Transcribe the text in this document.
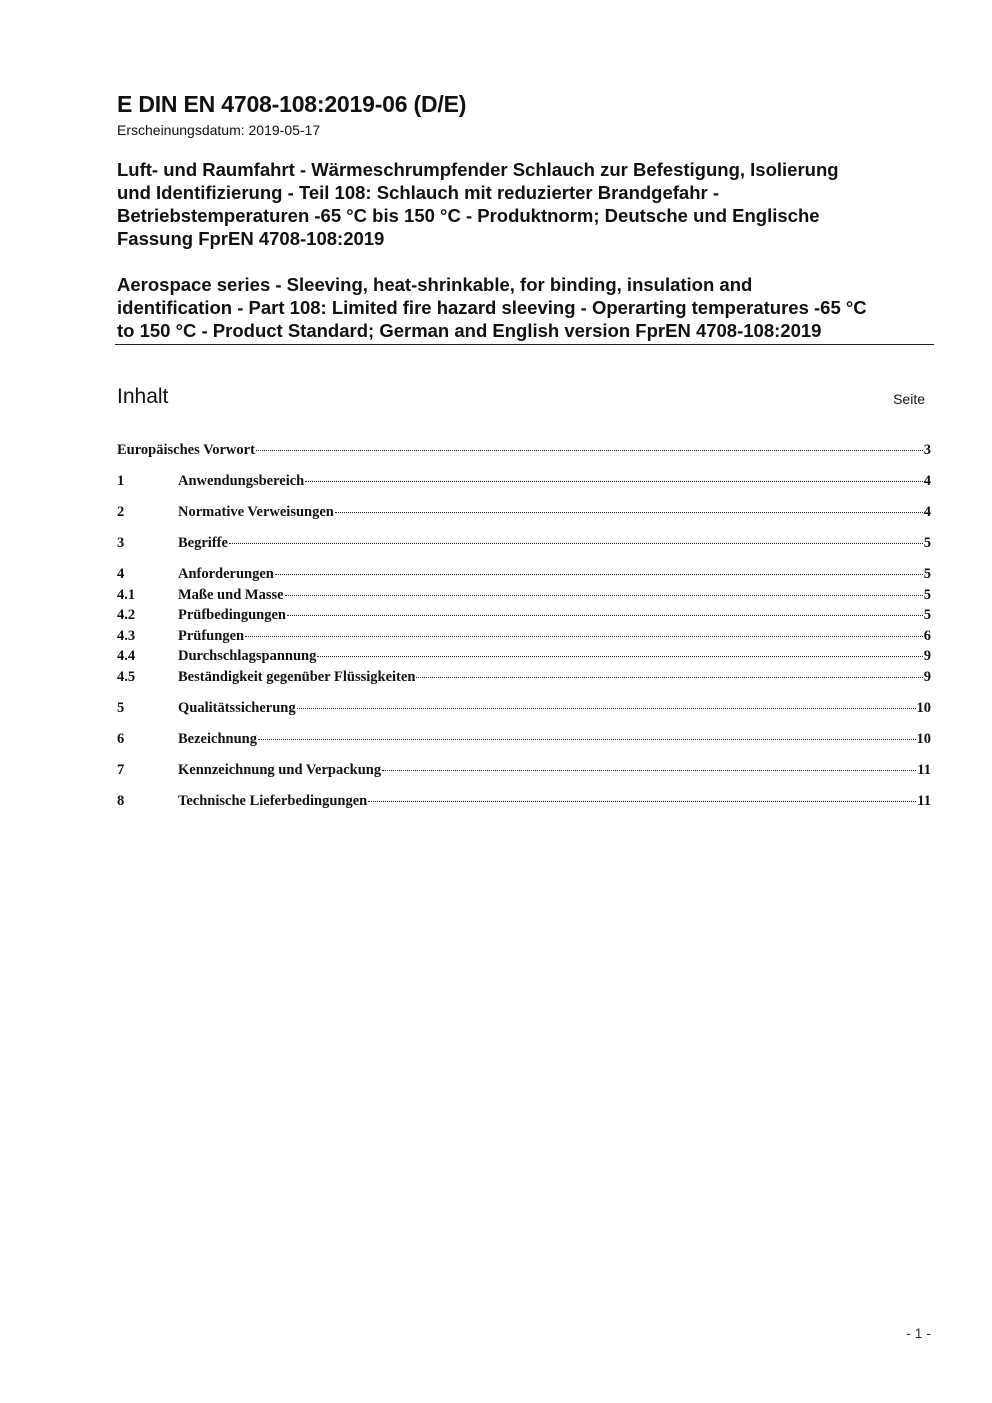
E DIN EN 4708-108:2019-06 (D/E)
Erscheinungsdatum: 2019-05-17
Luft- und Raumfahrt - Wärmeschrumpfender Schlauch zur Befestigung, Isolierung
und Identifizierung - Teil 108: Schlauch mit reduzierter Brandgefahr -
Betriebstemperaturen -65 °C bis 150 °C - Produktnorm; Deutsche und Englische
Fassung FprEN 4708-108:2019
Aerospace series - Sleeving, heat-shrinkable, for binding, insulation and
identification - Part 108: Limited fire hazard sleeving - Operarting temperatures -65 °C
to 150 °C - Product Standard; German and English version FprEN 4708-108:2019
Inhalt	Seite
Europäisches Vorwort	3
1	Anwendungsbereich	4
2	Normative Verweisungen	4
3	Begriffe	5
4	Anforderungen	5
4.1	Maße und Masse	5
4.2	Prüfbedingungen	5
4.3	Prüfungen	6
4.4	Durchschlagspannung	9
4.5	Beständigkeit gegenüber Flüssigkeiten	9
5	Qualitätssicherung	10
6	Bezeichnung	10
7	Kennzeichnung und Verpackung	11
8	Technische Lieferbedingungen	11
- 1 -
